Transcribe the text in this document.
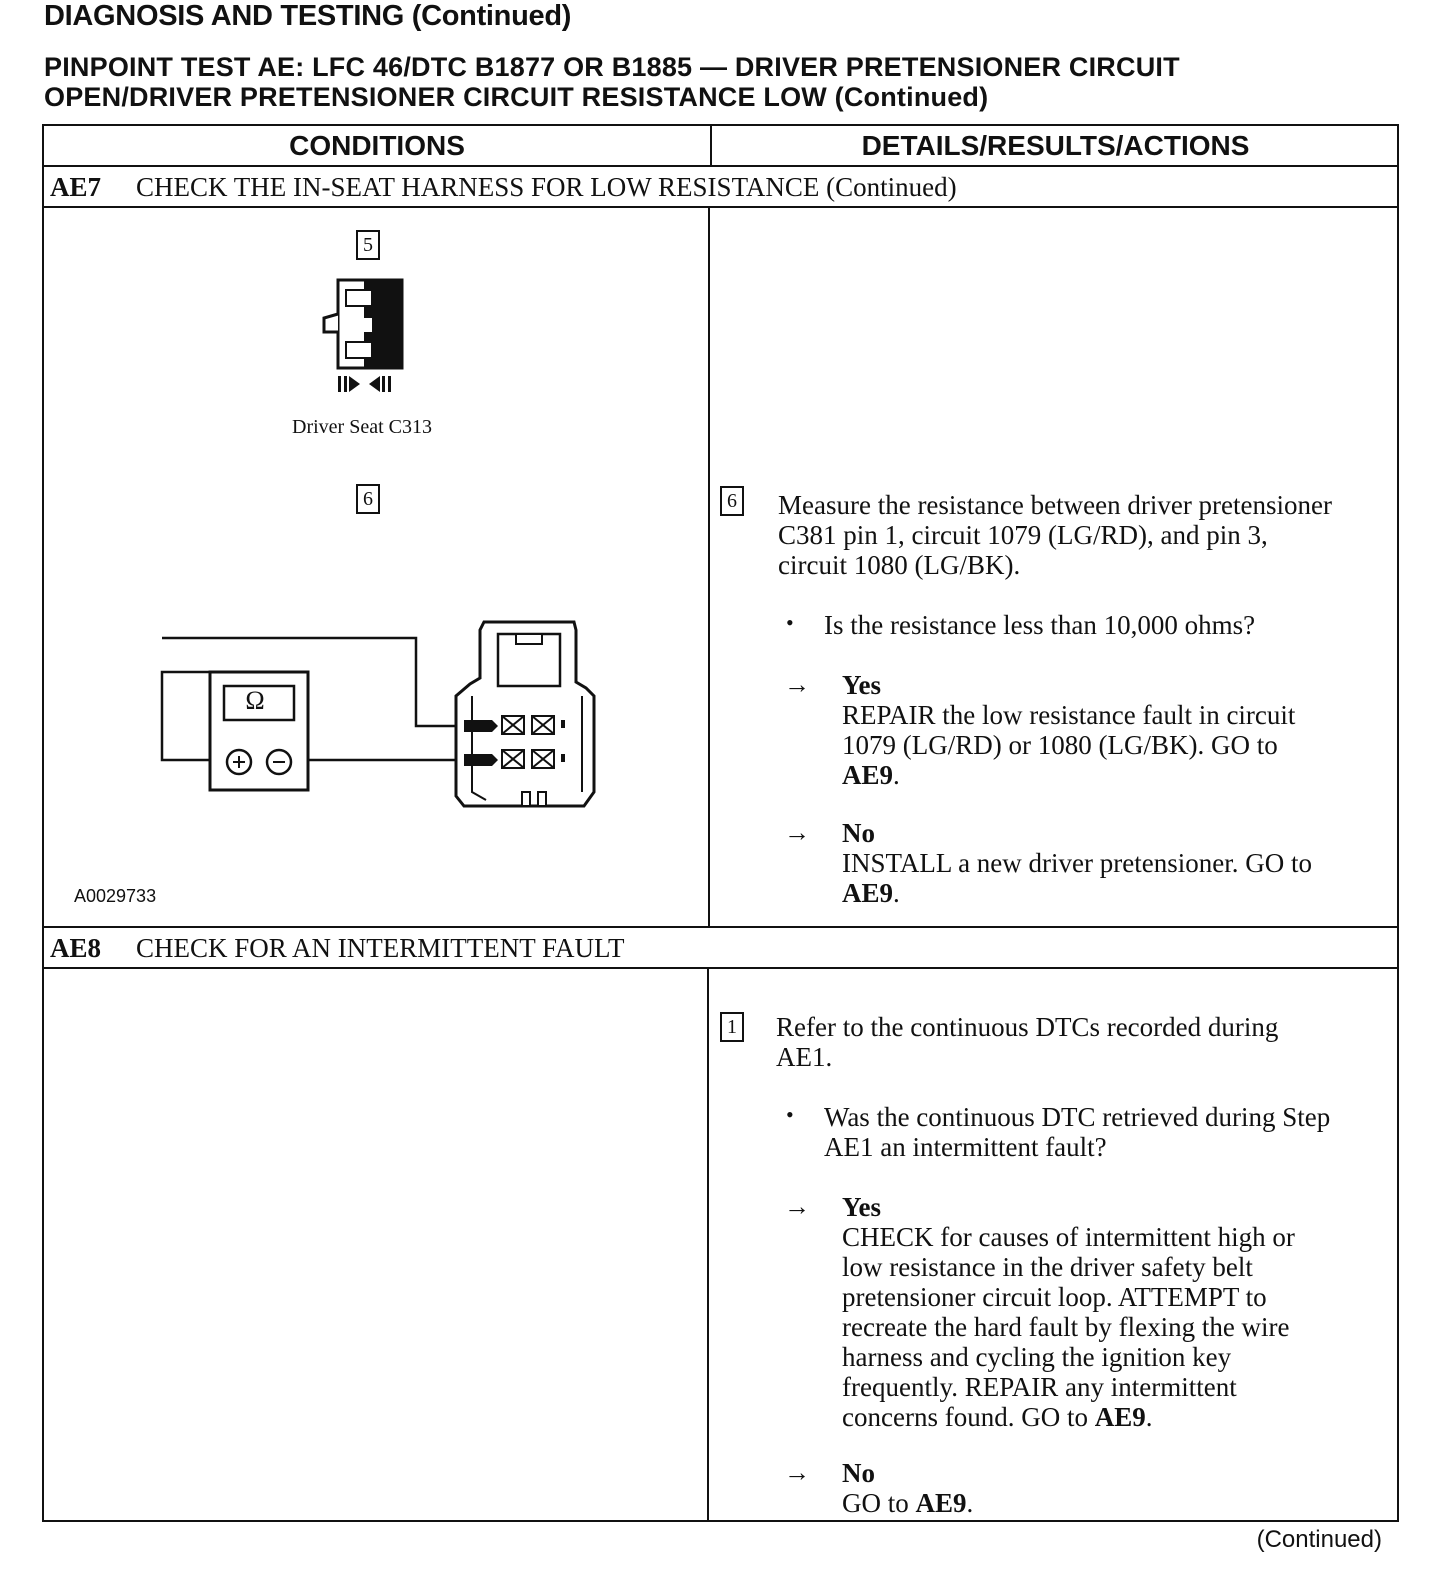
DIAGNOSIS AND TESTING (Continued)
PINPOINT TEST AE: LFC 46/DTC B1877 OR B1885 — DRIVER PRETENSIONER CIRCUIT
OPEN/DRIVER PRETENSIONER CIRCUIT RESISTANCE LOW (Continued)
CONDITIONS	DETAILS/RESULTS/ACTIONS
AE7 CHECK THE IN-SEAT HARNESS FOR LOW RESISTANCE (Continued)
5
Driver Seat C313
6
Ω
A0029733
6 Measure the resistance between driver pretensioner
C381 pin 1, circuit 1079 (LG/RD), and pin 3,
circuit 1080 (LG/BK).
• Is the resistance less than 10,000 ohms?
→ Yes
REPAIR the low resistance fault in circuit
1079 (LG/RD) or 1080 (LG/BK). GO to
AE9.
→ No
INSTALL a new driver pretensioner. GO to
AE9.
AE8 CHECK FOR AN INTERMITTENT FAULT
1 Refer to the continuous DTCs recorded during
AE1.
• Was the continuous DTC retrieved during Step
AE1 an intermittent fault?
→ Yes
CHECK for causes of intermittent high or
low resistance in the driver safety belt
pretensioner circuit loop. ATTEMPT to
recreate the hard fault by flexing the wire
harness and cycling the ignition key
frequently. REPAIR any intermittent
concerns found. GO to AE9.
→ No
GO to AE9.
(Continued)
